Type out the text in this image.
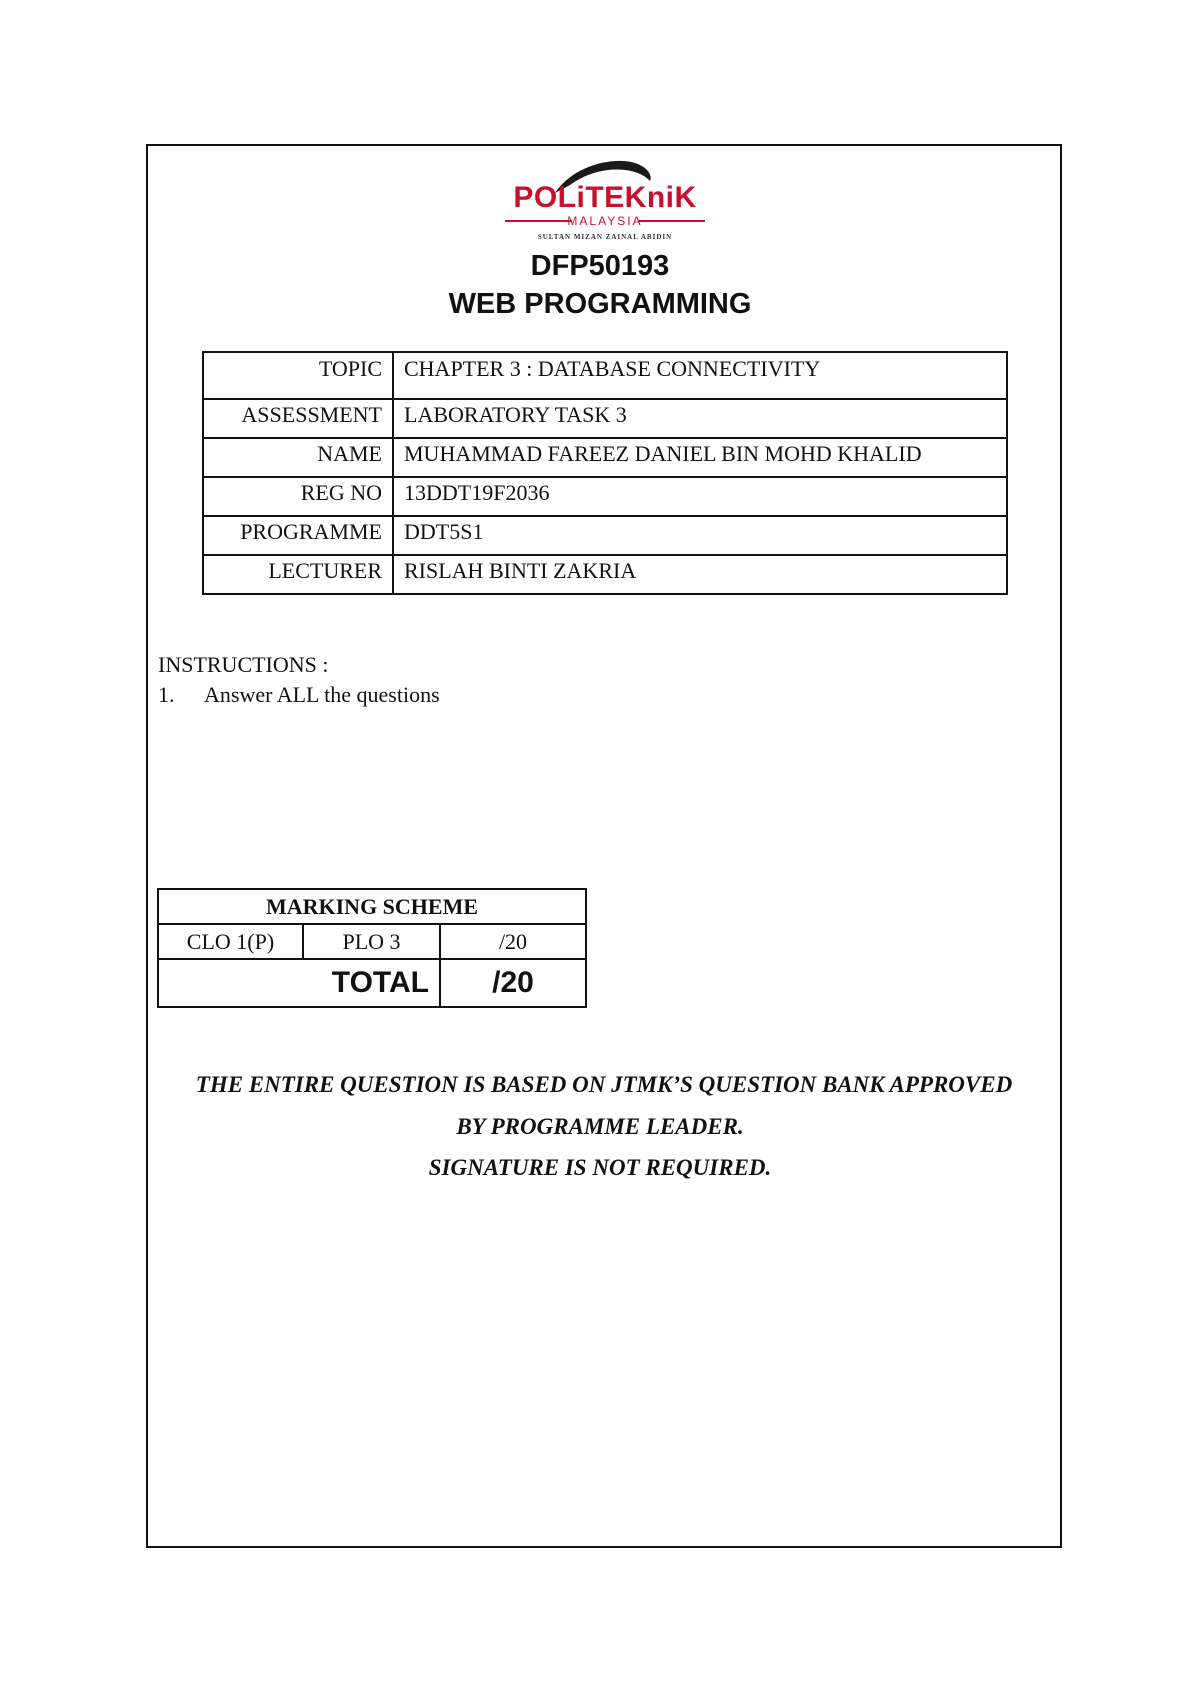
POLiTEKniK
MALAYSIA
SULTAN MIZAN ZAINAL ABIDIN
DFP50193
WEB PROGRAMMING
TOPIC	CHAPTER 3 : DATABASE CONNECTIVITY
ASSESSMENT	LABORATORY TASK 3
NAME	MUHAMMAD FAREEZ DANIEL BIN MOHD KHALID
REG NO	13DDT19F2036
PROGRAMME	DDT5S1
LECTURER	RISLAH BINTI ZAKRIA
INSTRUCTIONS :
1.	Answer ALL the questions
MARKING SCHEME		
CLO 1(P)	PLO 3	/20
TOTAL		/20
THE ENTIRE QUESTION IS BASED ON JTMK’S QUESTION BANK APPROVED
BY PROGRAMME LEADER.
SIGNATURE IS NOT REQUIRED.
